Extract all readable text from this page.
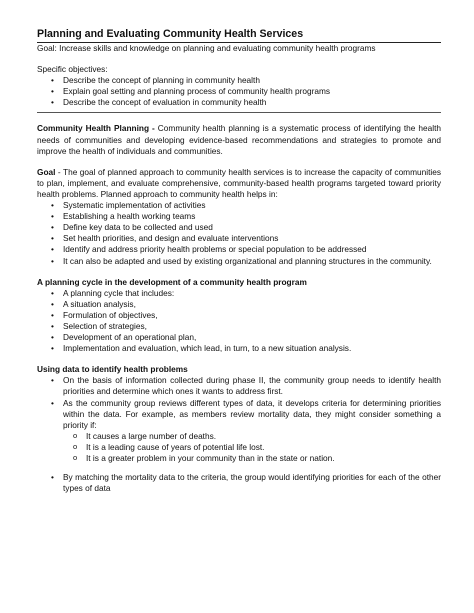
Planning and Evaluating Community Health Services

Goal: Increase skills and knowledge on planning and evaluating community health programs

Specific objectives:

• Describe the concept of planning in community health
• Explain goal setting and planning process of community health programs
• Describe the concept of evaluation in community health

Community Health Planning - Community health planning is a systematic process of identifying the health needs of communities and developing evidence-based recommendations and strategies to promote and improve the health of individuals and communities.

Goal - The goal of planned approach to community health services is to increase the capacity of communities to plan, implement, and evaluate comprehensive, community-based health programs targeted toward priority health problems. Planned approach to community health helps in:

• Systematic implementation of activities
• Establishing a health working teams
• Define key data to be collected and used
• Set health priorities, and design and evaluate interventions
• Identify and address priority health problems or special population to be addressed
• It can also be adapted and used by existing organizational and planning structures in the community.

A planning cycle in the development of a community health program

• A planning cycle that includes:
• A situation analysis,
• Formulation of objectives,
• Selection of strategies,
• Development of an operational plan,
• Implementation and evaluation, which lead, in turn, to a new situation analysis.

Using data to identify health problems

• On the basis of information collected during phase II, the community group needs to identify health priorities and determine which ones it wants to address first.
• As the community group reviews different types of data, it develops criteria for determining priorities within the data. For example, as members review mortality data, they might consider something a priority if:
o It causes a large number of deaths.
o It is a leading cause of years of potential life lost.
o It is a greater problem in your community than in the state or nation.
• By matching the mortality data to the criteria, the group would identifying priorities for each of the other types of data
